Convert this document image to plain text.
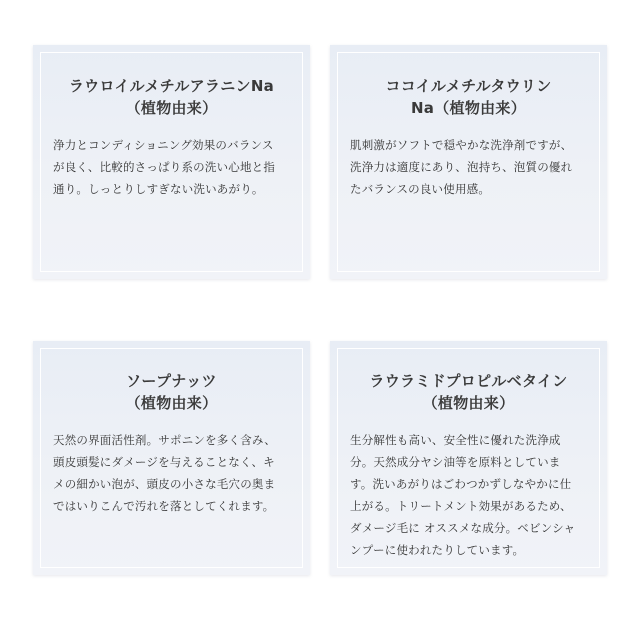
ラウロイルメチルアラニンNa
（植物由来）
浄力とコンディショニング効果のバランス
が良く、比較的さっぱり系の洗い心地と指
通り。しっとりしすぎない洗いあがり。
ココイルメチルタウリン
Na（植物由来）
肌刺激がソフトで穏やかな洗浄剤ですが、
洗浄力は適度にあり、泡持ち、泡質の優れ
たバランスの良い使用感。
ソープナッツ
（植物由来）
天然の界面活性剤。サポニンを多く含み、
頭皮頭髪にダメージを与えることなく、キ
メの細かい泡が、頭皮の小さな毛穴の奥ま
ではいりこんで汚れを落としてくれます。
ラウラミドプロピルベタイン
（植物由来）
生分解性も高い、安全性に優れた洗浄成
分。天然成分ヤシ油等を原料としていま
す。洗いあがりはごわつかずしなやかに仕
上がる。トリートメント効果があるため、
ダメージ毛に オススメな成分。ベビンシャ
ンプーに使われたりしています。
